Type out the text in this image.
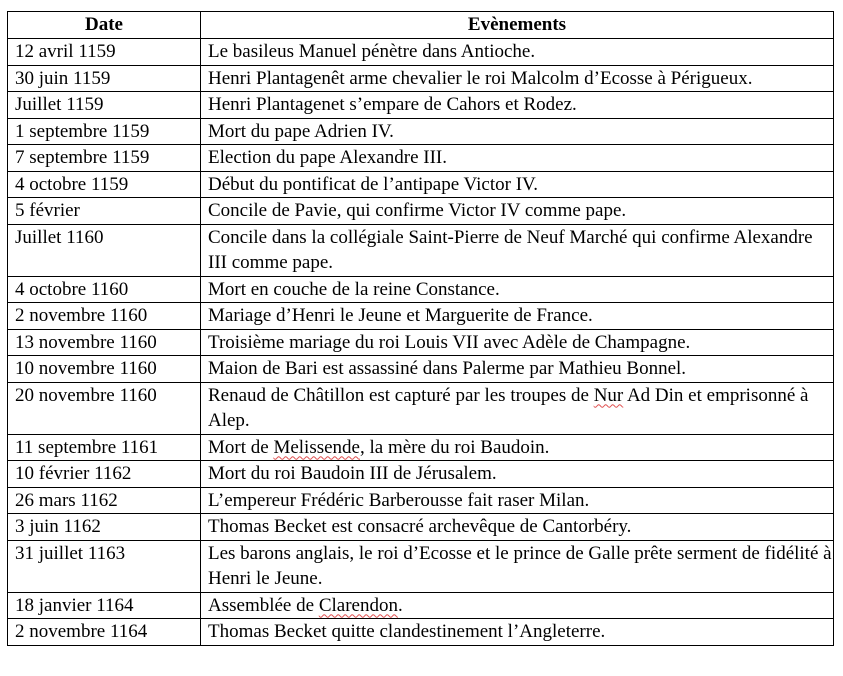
Date	Evènements
12 avril 1159	Le basileus Manuel pénètre dans Antioche.
30 juin 1159	Henri Plantagenêt arme chevalier le roi Malcolm d’Ecosse à Périgueux.
Juillet 1159	Henri Plantagenet s’empare de Cahors et Rodez.
1 septembre 1159	Mort du pape Adrien IV.
7 septembre 1159	Election du pape Alexandre III.
4 octobre 1159	Début du pontificat de l’antipape Victor IV.
5 février	Concile de Pavie, qui confirme Victor IV comme pape.
Juillet 1160	Concile dans la collégiale Saint-Pierre de Neuf Marché qui confirme Alexandre III comme pape.
4 octobre 1160	Mort en couche de la reine Constance.
2 novembre 1160	Mariage d’Henri le Jeune et Marguerite de France.
13 novembre 1160	Troisième mariage du roi Louis VII avec Adèle de Champagne.
10 novembre 1160	Maion de Bari est assassiné dans Palerme par Mathieu Bonnel.
20 novembre 1160	Renaud de Châtillon est capturé par les troupes de Nur Ad Din et emprisonné à Alep.
11 septembre 1161	Mort de Melissende, la mère du roi Baudoin.
10 février 1162	Mort du roi Baudoin III de Jérusalem.
26 mars 1162	L’empereur Frédéric Barberousse fait raser Milan.
3 juin 1162	Thomas Becket est consacré archevêque de Cantorbéry.
31 juillet 1163	Les barons anglais, le roi d’Ecosse et le prince de Galle prête serment de fidélité à Henri le Jeune.
18 janvier 1164	Assemblée de Clarendon.
2 novembre 1164	Thomas Becket quitte clandestinement l’Angleterre.
